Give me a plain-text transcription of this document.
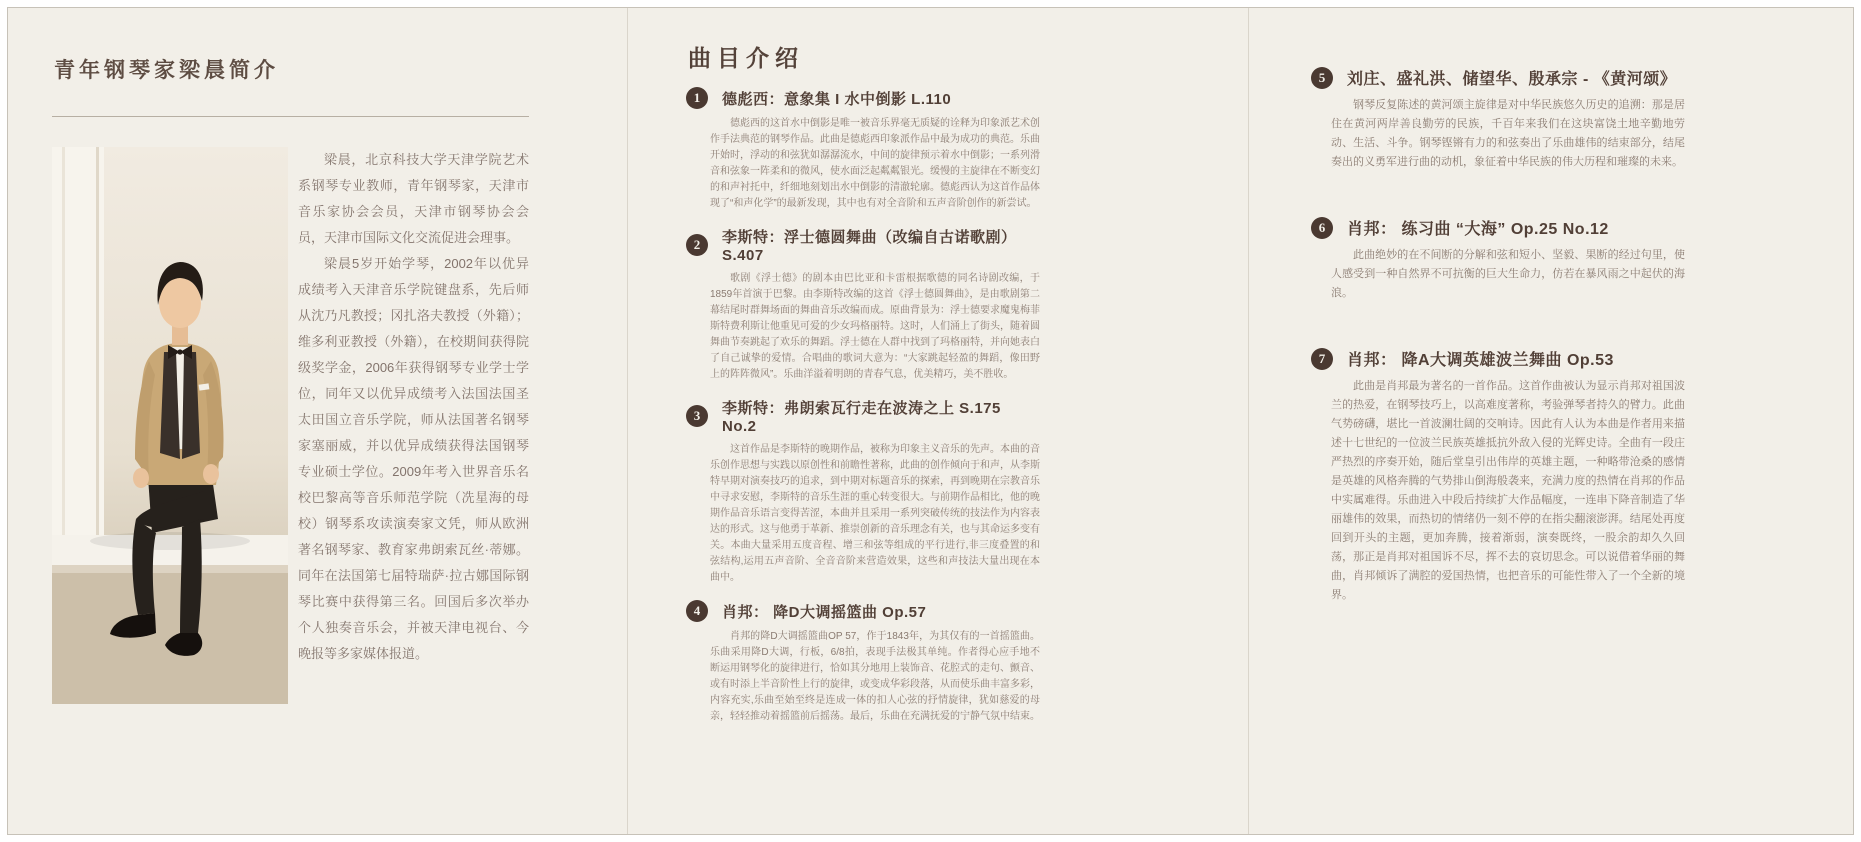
青年钢琴家梁晨简介

梁晨，北京科技大学天津学院艺术系钢琴专业教师，青年钢琴家，天津市音乐家协会会员，天津市钢琴协会会员，天津市国际文化交流促进会理事。

梁晨5岁开始学琴，2002年以优异成绩考入天津音乐学院键盘系，先后师从沈乃凡教授；冈扎洛夫教授（外籍）；维多利亚教授（外籍），在校期间获得院级奖学金，2006年获得钢琴专业学士学位，同年又以优异成绩考入法国法国圣太田国立音乐学院，师从法国著名钢琴家塞丽威，并以优异成绩获得法国钢琴专业硕士学位。2009年考入世界音乐名校巴黎高等音乐师范学院（冼星海的母校）钢琴系攻读演奏家文凭，师从欧洲著名钢琴家、教育家弗朗索瓦丝·蒂娜。同年在法国第七届特瑞萨·拉古娜国际钢琴比赛中获得第三名。回国后多次举办个人独奏音乐会，并被天津电视台、今晚报等多家媒体报道。

曲目介绍
1	德彪西：意象集 I 水中倒影 L.110

德彪西的这首水中倒影是唯一被音乐界毫无质疑的诠释为印象派艺术创作手法典范的钢琴作品。此曲是德彪西印象派作品中最为成功的典范。乐曲开始时，浮动的和弦犹如潺潺流水，中间的旋律预示着水中倒影；一系列滑音和弦象一阵柔和的微风，使水面泛起粼粼银光。缓慢的主旋律在不断变幻的和声衬托中，纤细地刻划出水中倒影的清澈轮廓。德彪西认为这首作品体现了“和声化学”的最新发现，其中也有对全音阶和五声音阶创作的新尝试。

2	李斯特：浮士德圆舞曲（改编自古诺歌剧） S.407

歌剧《浮士德》的剧本由巴比亚和卡雷根据歌德的同名诗剧改编，于1859年首演于巴黎。由李斯特改编的这首《浮士德圆舞曲》，是由歌剧第二幕结尾时群舞场面的舞曲音乐改编而成。原曲背景为：浮士德要求魔鬼梅菲斯特费利斯让他重见可爱的少女玛格丽特。这时，人们涌上了街头，随着圆舞曲节奏跳起了欢乐的舞蹈。浮士德在人群中找到了玛格丽特，并向她表白了自己诚挚的爱情。合唱曲的歌词大意为：“大家跳起轻盈的舞蹈，像田野上的阵阵微风”。乐曲洋溢着明朗的青春气息，优美精巧，美不胜收。

3	李斯特：弗朗索瓦行走在波涛之上 S.175 No.2

这首作品是李斯特的晚期作品，被称为印象主义音乐的先声。本曲的音乐创作思想与实践以原创性和前瞻性著称，此曲的创作倾向于和声，从李斯特早期对演奏技巧的追求，到中期对标题音乐的探索，再到晚期在宗教音乐中寻求安慰，李斯特的音乐生涯的重心转变很大。与前期作品相比，他的晚期作品音乐语言变得苦涩，本曲并且采用一系列突破传统的技法作为内容表达的形式。这与他勇于革新、推崇创新的音乐理念有关，也与其命运多变有关。本曲大量采用五度音程、增三和弦等组成的平行进行,非三度叠置的和弦结构,运用五声音阶、全音音阶来营造效果，这些和声技法大量出现在本曲中。

4	肖邦： 降D大调摇篮曲 Op.57

肖邦的降D大调摇篮曲OP 57，作于1843年，为其仅有的一首摇篮曲。乐曲采用降D大调，行板，6/8拍，表现手法极其单纯。作者得心应手地不断运用钢琴化的旋律进行，恰如其分地用上装饰音、花腔式的走句、颤音、或有时添上半音阶性上行的旋律，或变成华彩段落，从而使乐曲丰富多彩，内容充实,乐曲至始至终是连成一体的扣人心弦的抒情旋律，犹如慈爱的母亲，轻轻推动着摇篮前后摇荡。最后，乐曲在充满抚爱的宁静气氛中结束。

5	刘庄、盛礼洪、储望华、殷承宗 - 《黄河颂》

钢琴反复陈述的黄河颂主旋律是对中华民族悠久历史的追溯：那是居住在黄河两岸善良勤劳的民族，千百年来我们在这块富饶土地辛勤地劳动、生活、斗争。钢琴铿锵有力的和弦奏出了乐曲雄伟的结束部分，结尾奏出的义勇军进行曲的动机，象征着中华民族的伟大历程和璀璨的未来。

6	肖邦： 练习曲 “大海” Op.25 No.12

此曲绝妙的在不间断的分解和弦和短小、坚毅、果断的经过句里，使人感受到一种自然界不可抗衡的巨大生命力，仿若在暴风雨之中起伏的海浪。

7	肖邦： 降A大调英雄波兰舞曲 Op.53

此曲是肖邦最为著名的一首作品。这首作曲被认为显示肖邦对祖国波兰的热爱，在钢琴技巧上，以高难度著称，考验弹琴者持久的臂力。此曲气势磅礴，堪比一首波澜壮阔的交响诗。因此有人认为本曲是作者用来描述十七世纪的一位波兰民族英雄抵抗外敌入侵的光辉史诗。全曲有一段庄严热烈的序奏开始，随后堂皇引出伟岸的英雄主题，一种略带沧桑的感情是英雄的风格奔腾的气势排山倒海般袭来，充满力度的热情在肖邦的作品中实属难得。乐曲进入中段后持续扩大作品幅度，一连串下降音制造了华丽雄伟的效果，而热切的情绪仍一刻不停的在指尖翻滚澎湃。结尾处再度回到开头的主题，更加奔腾，接着渐弱，演奏既终，一股余韵却久久回荡，那正是肖邦对祖国诉不尽，挥不去的哀切思念。可以说借着华丽的舞曲，肖邦倾诉了满腔的爱国热情，也把音乐的可能性带入了一个全新的境界。
